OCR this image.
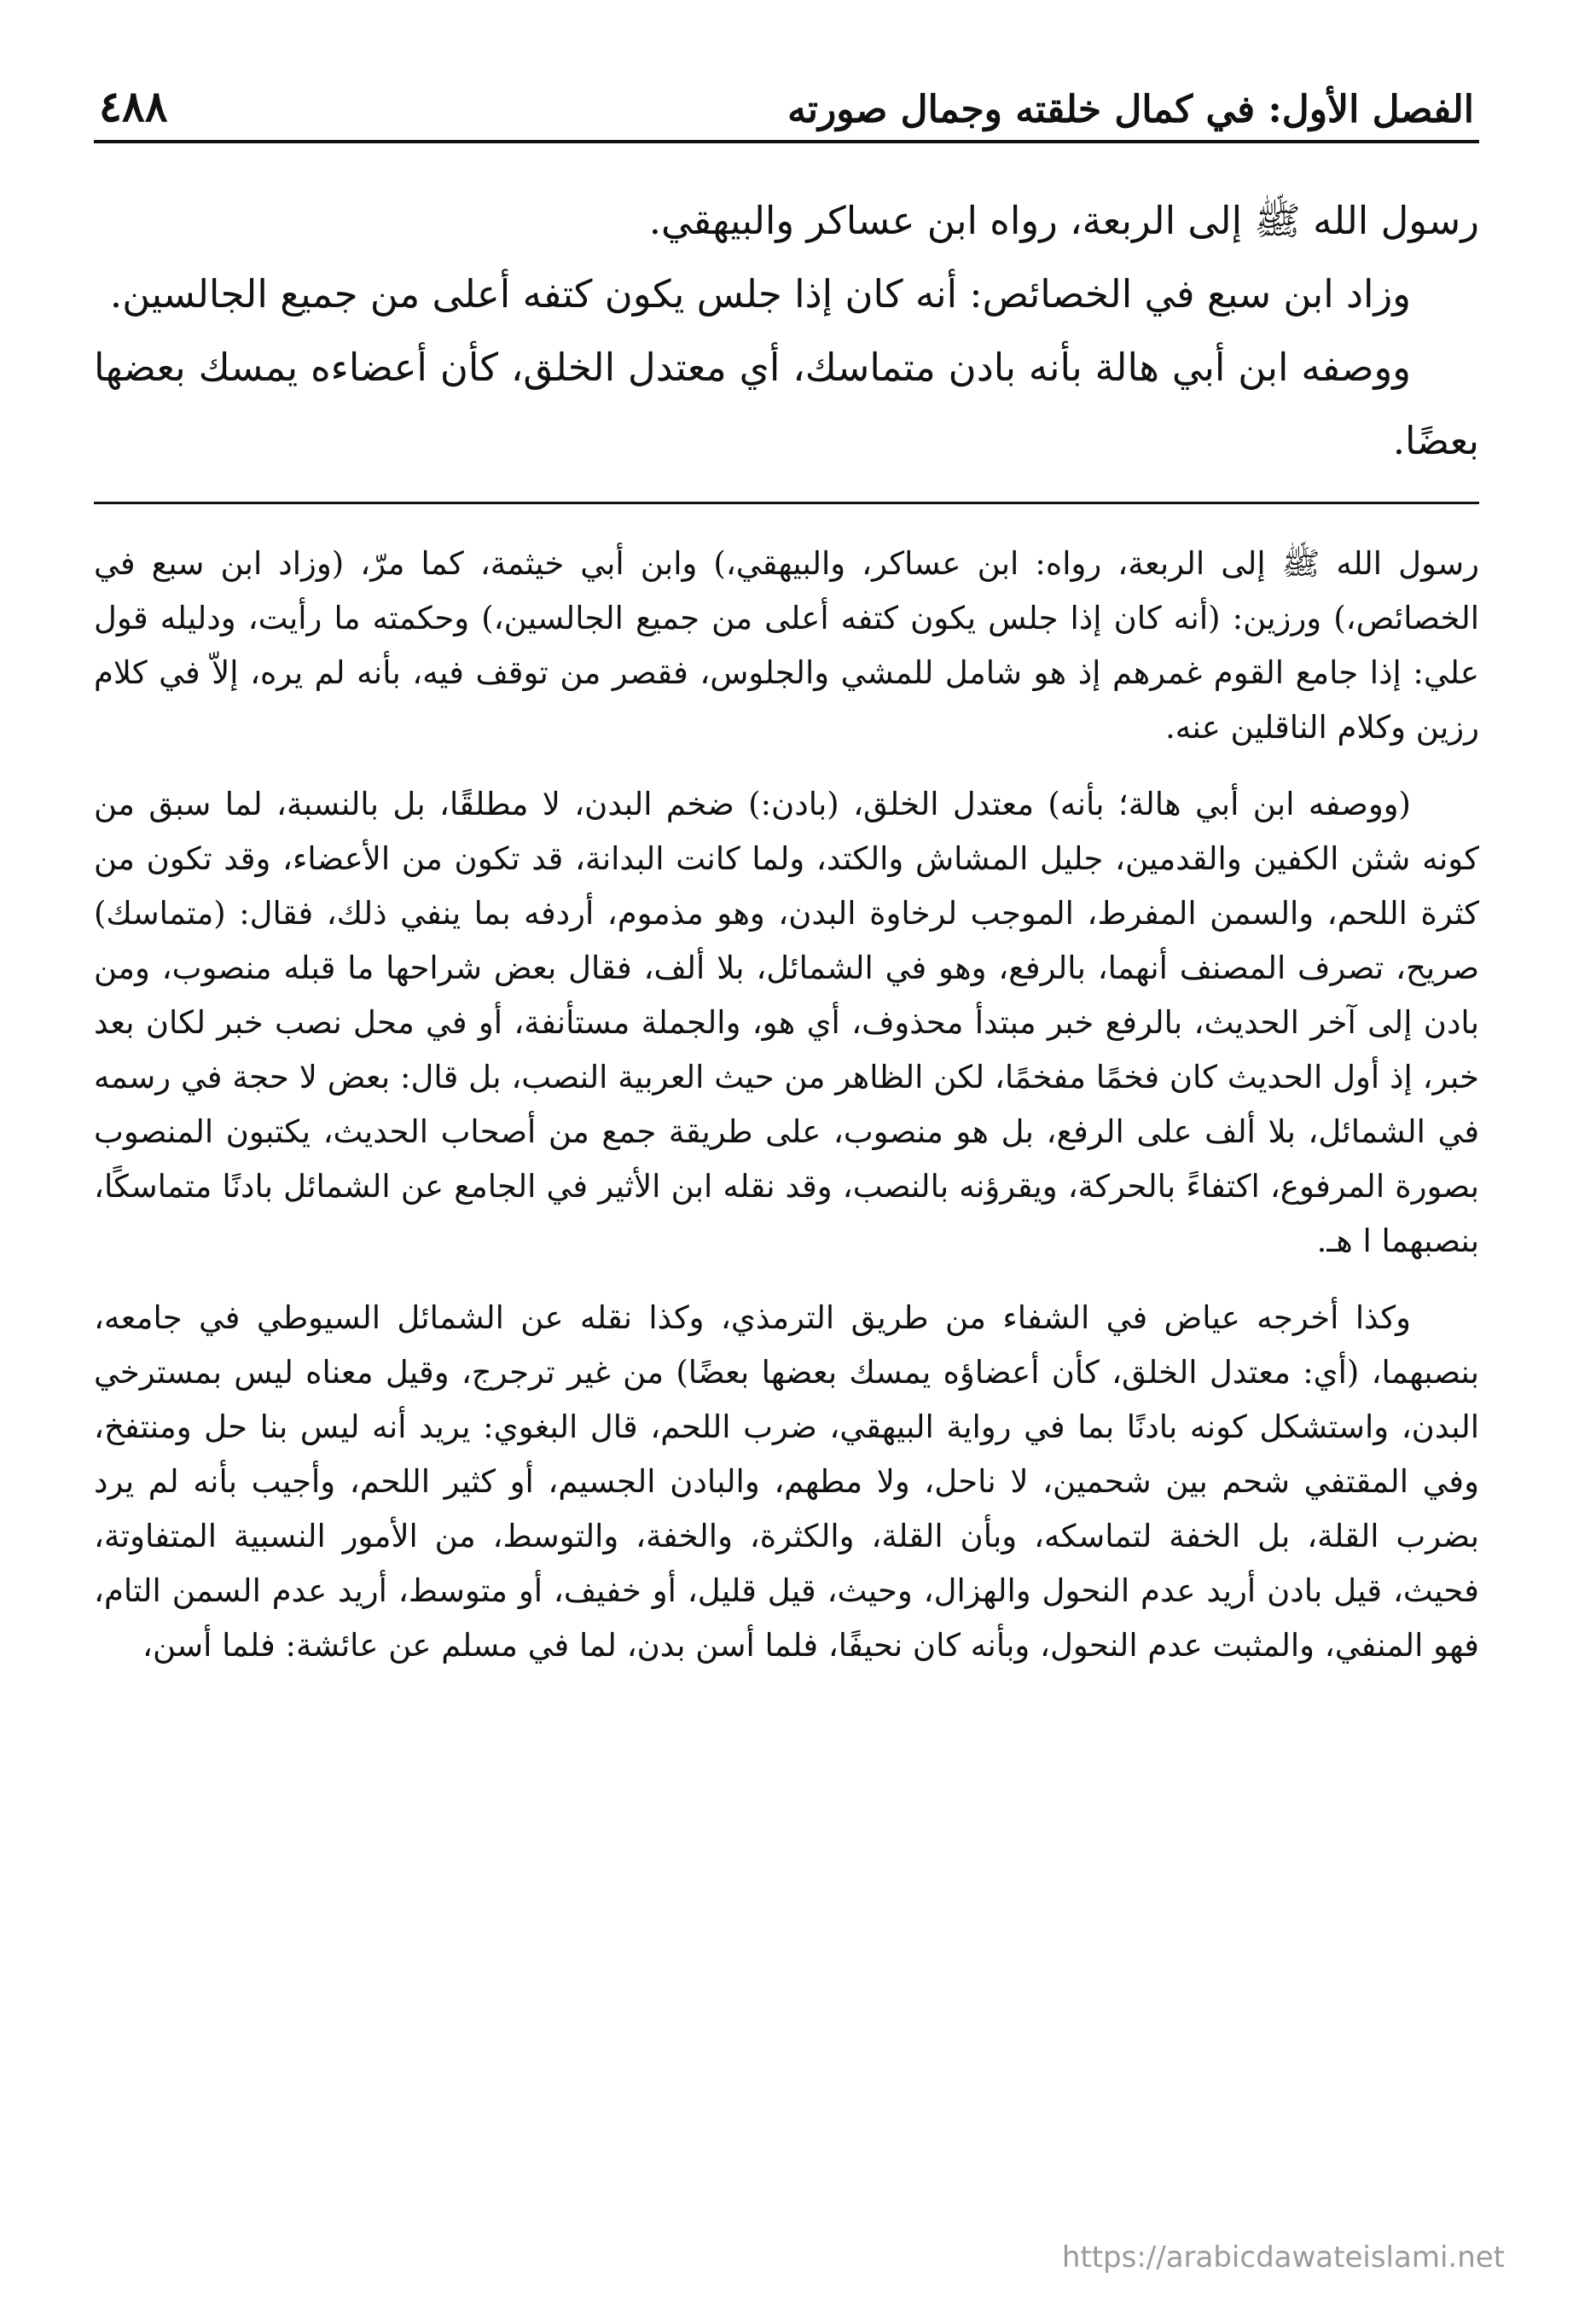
الفصل الأول: في كمال خلقته وجمال صورته
٤٨٨

رسول الله ﷺ إلى الربعة، رواه ابن عساكر والبيهقي.

وزاد ابن سبع في الخصائص: أنه كان إذا جلس يكون كتفه أعلى من جميع الجالسين.

ووصفه ابن أبي هالة بأنه بادن متماسك، أي معتدل الخلق، كأن أعضاءه يمسك بعضها بعضًا.

رسول الله ﷺ إلى الربعة، رواه: ابن عساكر، والبيهقي،) وابن أبي خيثمة، كما مرّ، (وزاد ابن سبع في الخصائص،) ورزين: (أنه كان إذا جلس يكون كتفه أعلى من جميع الجالسين،) وحكمته ما رأيت، ودليله قول علي: إذا جامع القوم غمرهم إذ هو شامل للمشي والجلوس، فقصر من توقف فيه، بأنه لم يره، إلاّ في كلام رزين وكلام الناقلين عنه.

(ووصفه ابن أبي هالة؛ بأنه) معتدل الخلق، (بادن:) ضخم البدن، لا مطلقًا، بل بالنسبة، لما سبق من كونه شثن الكفين والقدمين، جليل المشاش والكتد، ولما كانت البدانة، قد تكون من الأعضاء، وقد تكون من كثرة اللحم، والسمن المفرط، الموجب لرخاوة البدن، وهو مذموم، أردفه بما ينفي ذلك، فقال: (متماسك) صريح، تصرف المصنف أنهما، بالرفع، وهو في الشمائل، بلا ألف، فقال بعض شراحها ما قبله منصوب، ومن بادن إلى آخر الحديث، بالرفع خبر مبتدأ محذوف، أي هو، والجملة مستأنفة، أو في محل نصب خبر لكان بعد خبر، إذ أول الحديث كان فخمًا مفخمًا، لكن الظاهر من حيث العربية النصب، بل قال: بعض لا حجة في رسمه في الشمائل، بلا ألف على الرفع، بل هو منصوب، على طريقة جمع من أصحاب الحديث، يكتبون المنصوب بصورة المرفوع، اكتفاءً بالحركة، ويقرؤنه بالنصب، وقد نقله ابن الأثير في الجامع عن الشمائل بادنًا متماسكًا، بنصبهما ا هـ.

وكذا أخرجه عياض في الشفاء من طريق الترمذي، وكذا نقله عن الشمائل السيوطي في جامعه، بنصبهما، (أي: معتدل الخلق، كأن أعضاؤه يمسك بعضها بعضًا) من غير ترجرج، وقيل معناه ليس بمسترخي البدن، واستشكل كونه بادنًا بما في رواية البيهقي، ضرب اللحم، قال البغوي: يريد أنه ليس بنا حل ومنتفخ، وفي المقتفي شحم بين شحمين، لا ناحل، ولا مطهم، والبادن الجسيم، أو كثير اللحم، وأجيب بأنه لم يرد بضرب القلة، بل الخفة لتماسكه، وبأن القلة، والكثرة، والخفة، والتوسط، من الأمور النسبية المتفاوتة، فحيث، قيل بادن أريد عدم النحول والهزال، وحيث، قيل قليل، أو خفيف، أو متوسط، أريد عدم السمن التام، فهو المنفي، والمثبت عدم النحول، وبأنه كان نحيفًا، فلما أسن بدن، لما في مسلم عن عائشة: فلما أسن،

https://arabicdawateislami.net
